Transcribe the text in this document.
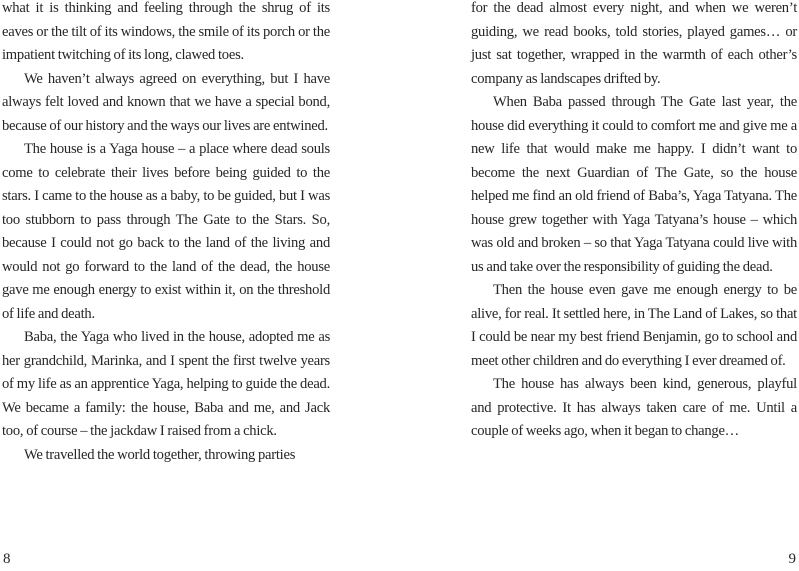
what it is thinking and feeling through the shrug of its eaves or the tilt of its windows, the smile of its porch or the impatient twitching of its long, clawed toes.

We haven’t always agreed on everything, but I have always felt loved and known that we have a special bond, because of our history and the ways our lives are entwined.

The house is a Yaga house – a place where dead souls come to celebrate their lives before being guided to the stars. I came to the house as a baby, to be guided, but I was too stubborn to pass through The Gate to the Stars. So, because I could not go back to the land of the living and would not go forward to the land of the dead, the house gave me enough energy to exist within it, on the threshold of life and death.

Baba, the Yaga who lived in the house, adopted me as her grandchild, Marinka, and I spent the first twelve years of my life as an apprentice Yaga, helping to guide the dead. We became a family: the house, Baba and me, and Jack too, of course – the jackdaw I raised from a chick.

We travelled the world together, throwing parties

8

for the dead almost every night, and when we weren’t guiding, we read books, told stories, played games… or just sat together, wrapped in the warmth of each other’s company as landscapes drifted by.

When Baba passed through The Gate last year, the house did everything it could to comfort me and give me a new life that would make me happy. I didn’t want to become the next Guardian of The Gate, so the house helped me find an old friend of Baba’s, Yaga Tatyana. The house grew together with Yaga Tatyana’s house – which was old and broken – so that Yaga Tatyana could live with us and take over the responsibility of guiding the dead.

Then the house even gave me enough energy to be alive, for real. It settled here, in The Land of Lakes, so that I could be near my best friend Benjamin, go to school and meet other children and do everything I ever dreamed of.

The house has always been kind, generous, playful and protective. It has always taken care of me. Until a couple of weeks ago, when it began to change…

9
